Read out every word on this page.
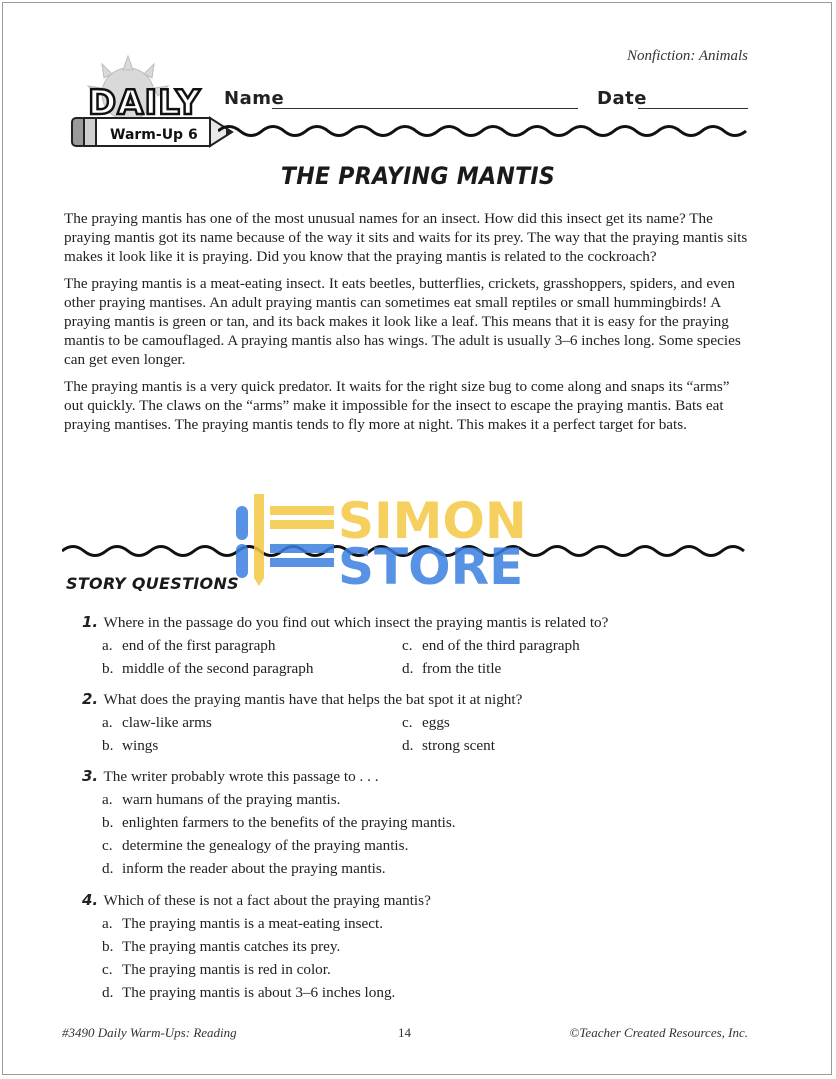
Nonfiction: Animals
DAILY
Warm-Up 6
Name	Date
THE PRAYING MANTIS

The praying mantis has one of the most unusual names for an insect. How did this insect get its name? The praying mantis got its name because of the way it sits and waits for its prey. The way that the praying mantis sits makes it look like it is praying. Did you know that the praying mantis is related to the cockroach?

The praying mantis is a meat-eating insect. It eats beetles, butterflies, crickets, grasshoppers, spiders, and even other praying mantises. An adult praying mantis can sometimes eat small reptiles or small hummingbirds! A praying mantis is green or tan, and its back makes it look like a leaf. This means that it is easy for the praying mantis to be camouflaged. A praying mantis also has wings. The adult is usually 3–6 inches long. Some species can get even longer.

The praying mantis is a very quick predator. It waits for the right size bug to come along and snaps its “arms” out quickly. The claws on the “arms” make it impossible for the insect to escape the praying mantis. Bats eat praying mantises. The praying mantis tends to fly more at night. This makes it a perfect target for bats.

SIMON
STORE
STORY QUESTIONS
1. Where in the passage do you find out which insect the praying mantis is related to?
a. end of the first paragraph
b. middle of the second paragraph
c. end of the third paragraph
d. from the title
2. What does the praying mantis have that helps the bat spot it at night?
a. claw-like arms
b. wings
c. eggs
d. strong scent
3. The writer probably wrote this passage to . . .
a. warn humans of the praying mantis.
b. enlighten farmers to the benefits of the praying mantis.
c. determine the genealogy of the praying mantis.
d. inform the reader about the praying mantis.
4. Which of these is not a fact about the praying mantis?
a. The praying mantis is a meat-eating insect.
b. The praying mantis catches its prey.
c. The praying mantis is red in color.
d. The praying mantis is about 3–6 inches long.
#3490 Daily Warm-Ups: Reading	14	©Teacher Created Resources, Inc.
